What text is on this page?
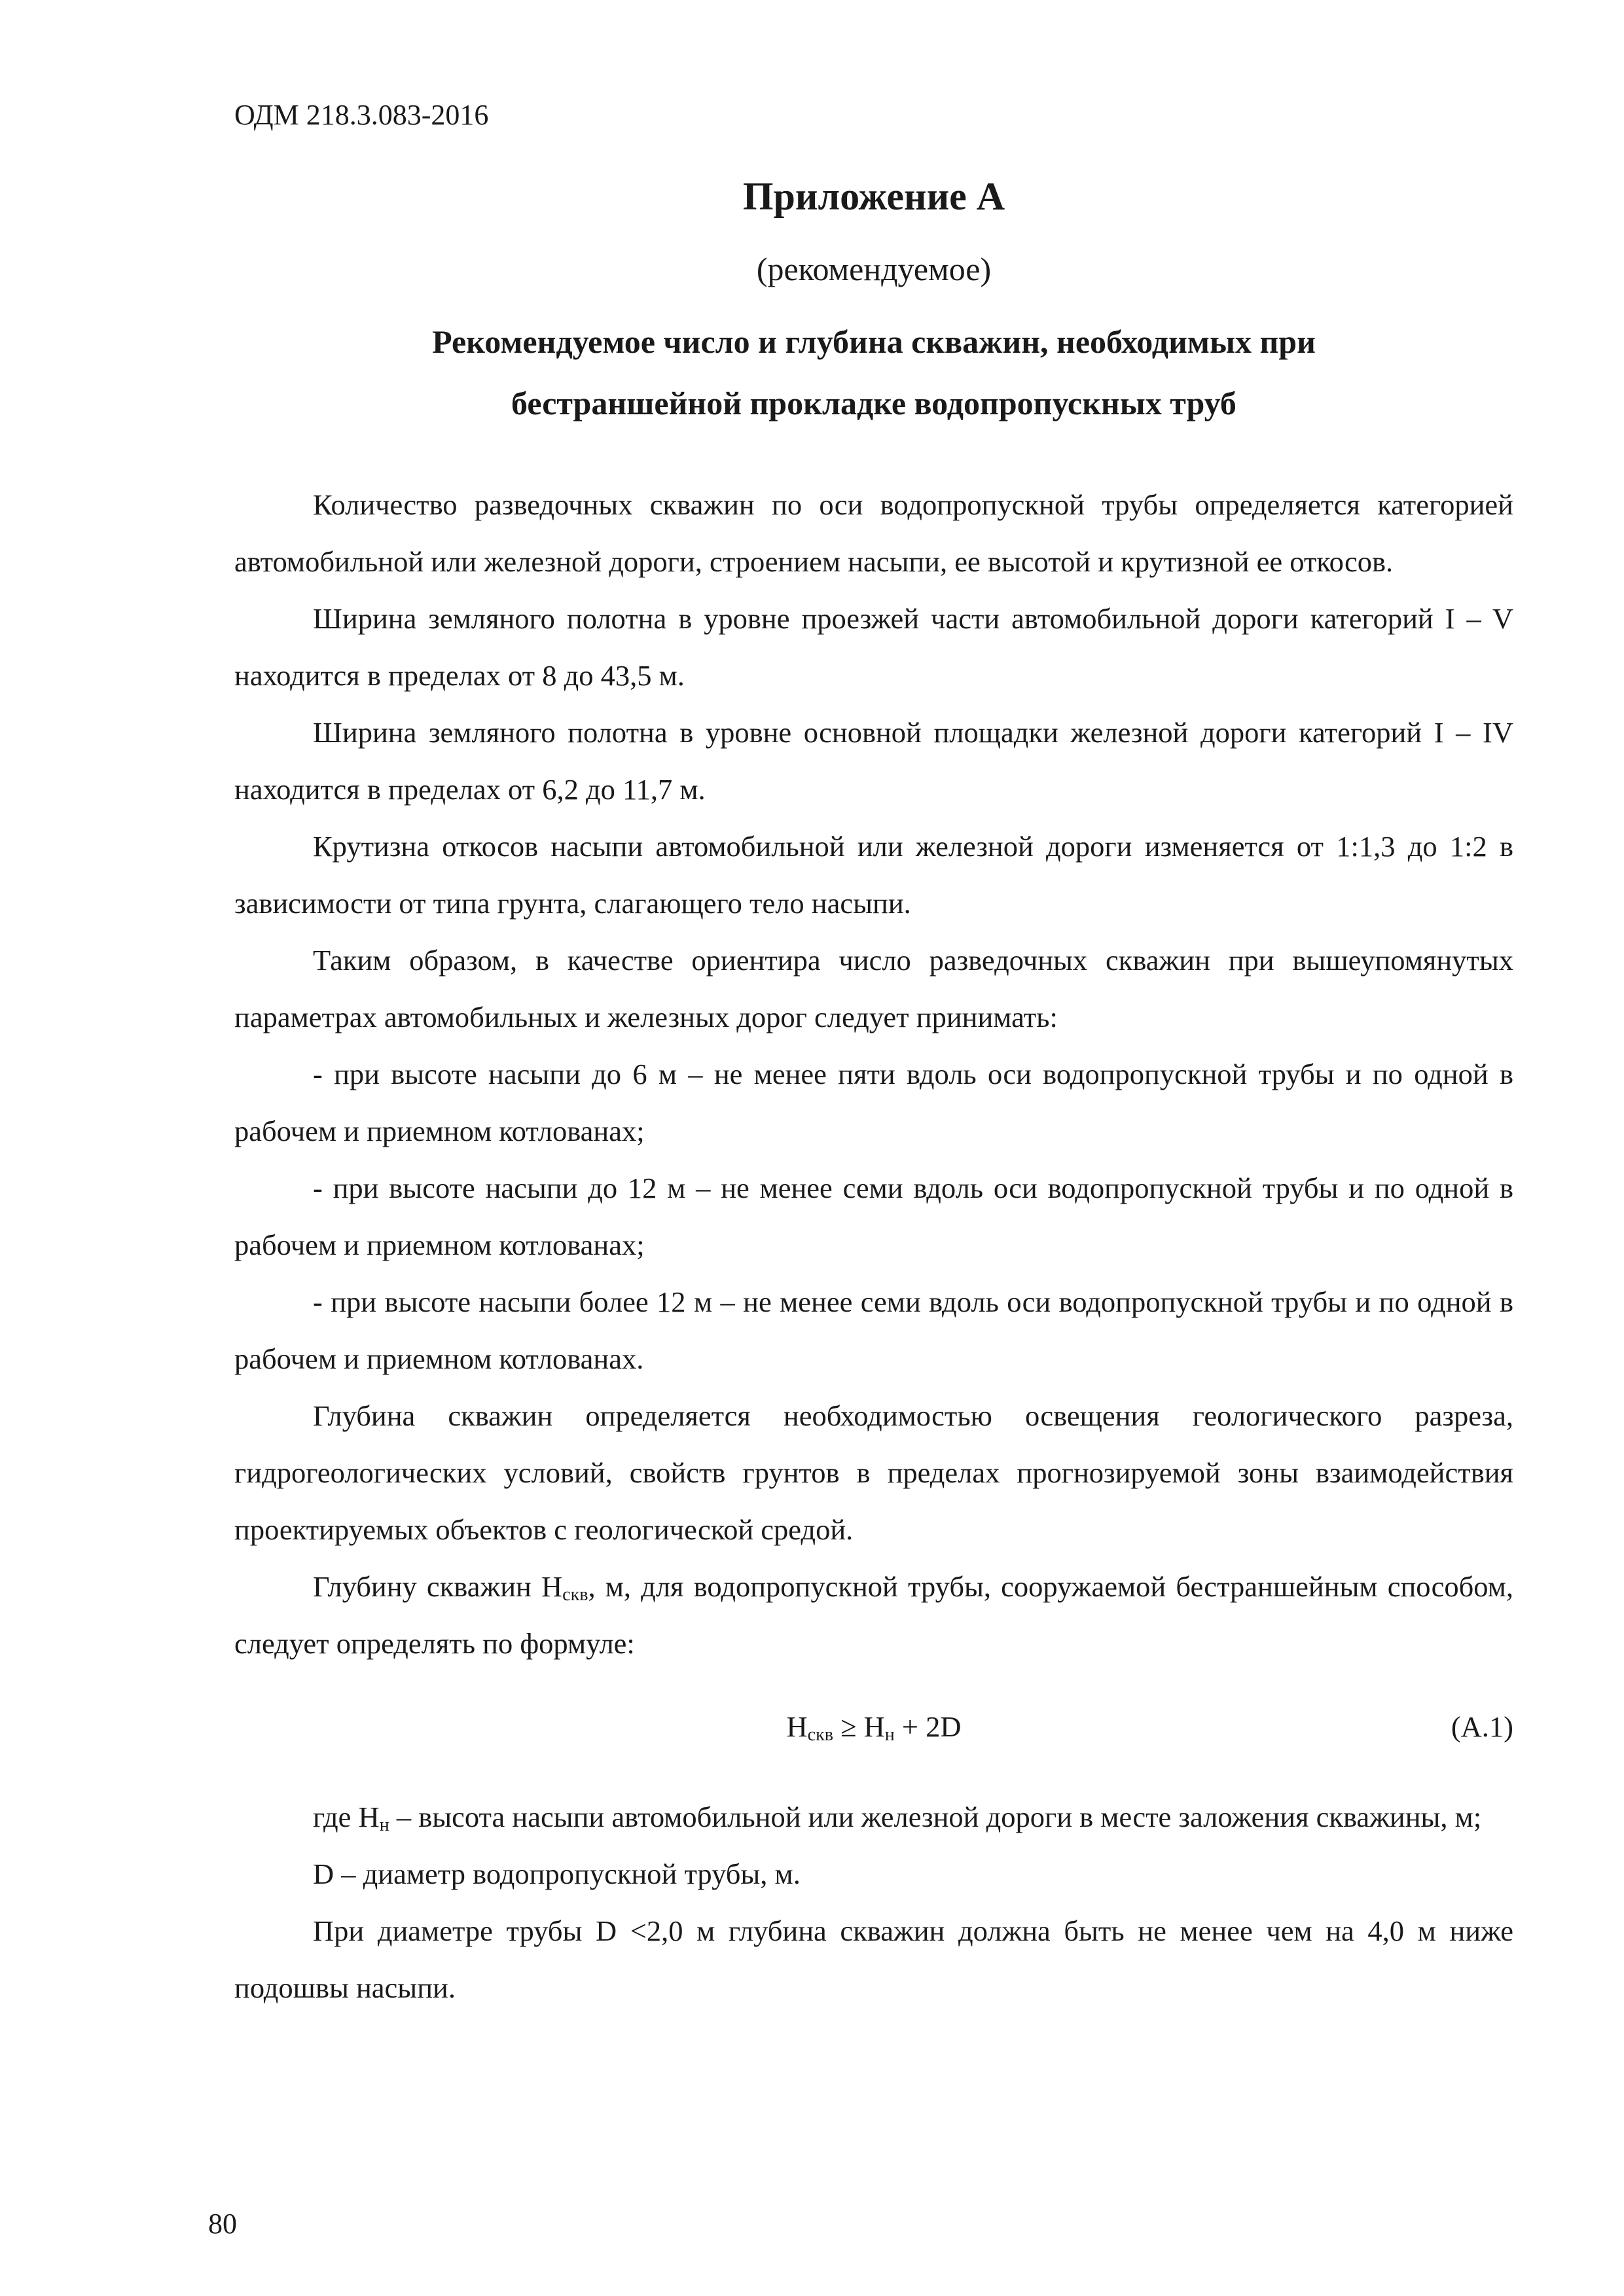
ОДМ 218.3.083-2016
Приложение А
(рекомендуемое)
Рекомендуемое число и глубина скважин, необходимых при
бестраншейной прокладке водопропускных труб

Количество разведочных скважин по оси водопропускной трубы определяется категорией автомобильной или железной дороги, строением насыпи, ее высотой и крутизной ее откосов.

Ширина земляного полотна в уровне проезжей части автомобильной дороги категорий I – V находится в пределах от 8 до 43,5 м.

Ширина земляного полотна в уровне основной площадки железной дороги категорий I – IV находится в пределах от 6,2 до 11,7 м.

Крутизна откосов насыпи автомобильной или железной дороги изменяется от 1:1,3 до 1:2 в зависимости от типа грунта, слагающего тело насыпи.

Таким образом, в качестве ориентира число разведочных скважин при вышеупомянутых параметрах автомобильных и железных дорог следует принимать:

- при высоте насыпи до 6 м – не менее пяти вдоль оси водопропускной трубы и по одной в рабочем и приемном котлованах;

- при высоте насыпи до 12 м – не менее семи вдоль оси водопропускной трубы и по одной в рабочем и приемном котлованах;

- при высоте насыпи более 12 м – не менее семи вдоль оси водопропускной трубы и по одной в рабочем и приемном котлованах.

Глубина скважин определяется необходимостью освещения геологического разреза, гидрогеологических условий, свойств грунтов в пределах прогнозируемой зоны взаимодействия проектируемых объектов с геологической средой.

Глубину скважин $H_{скв}$, м, для водопропускной трубы, сооружаемой бестраншейным способом, следует определять по формуле:

$H_{скв} \ge H_н + 2D$	(А.1)

где $H_н$ – высота насыпи автомобильной или железной дороги в месте заложения скважины, м;

D – диаметр водопропускной трубы, м.

При диаметре трубы D <2,0 м глубина скважин должна быть не менее чем на 4,0 м ниже подошвы насыпи.

80
